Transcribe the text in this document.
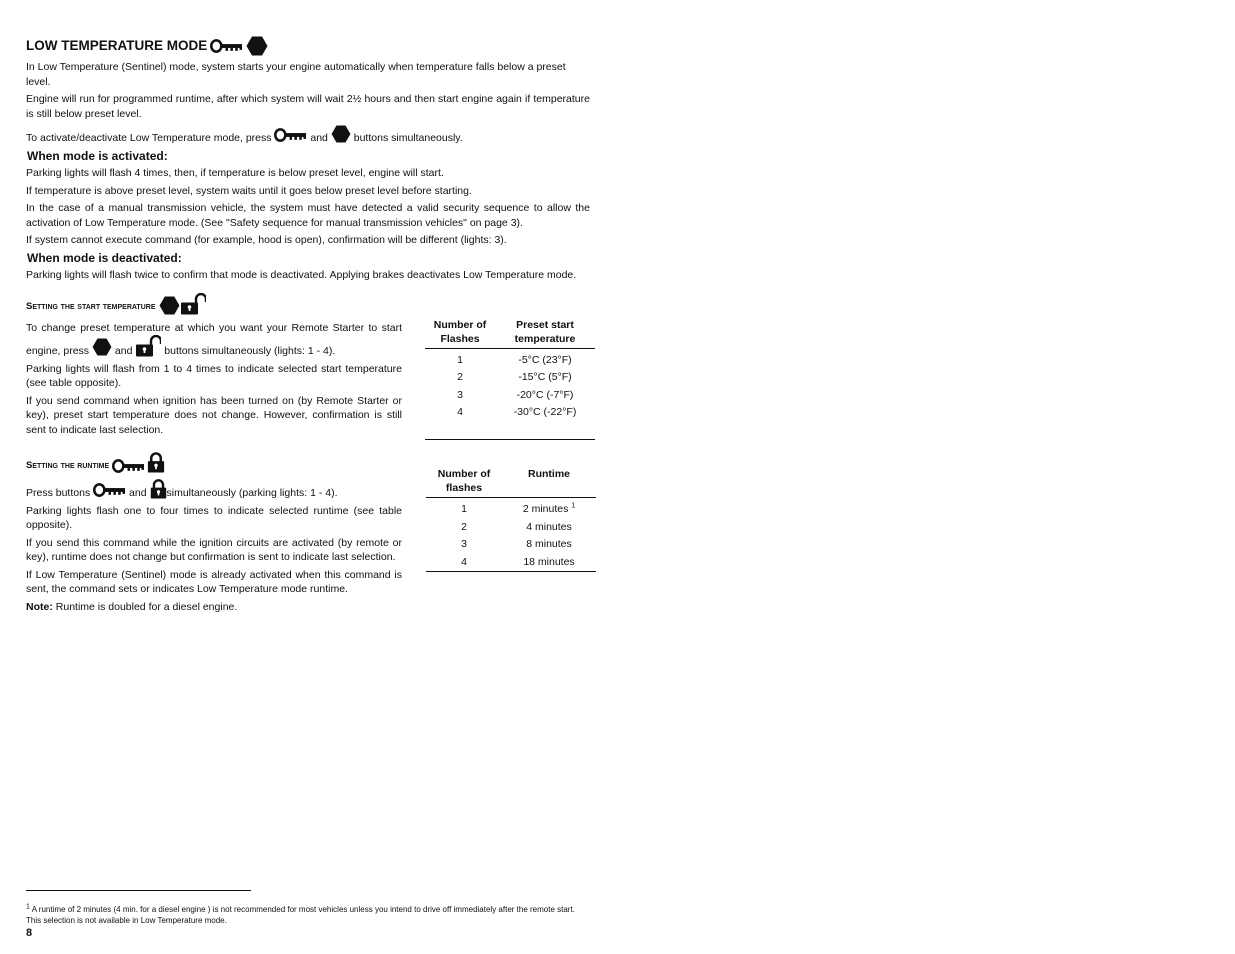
LOW TEMPERATURE MODE

In Low Temperature (Sentinel) mode, system starts your engine automatically when temperature falls below a preset level.

Engine will run for programmed runtime, after which system will wait 2½ hours and then start engine again if temperature is still below preset level.

To activate/deactivate Low Temperature mode, press	and buttons simultaneously.

When mode is activated:

Parking lights will flash 4 times, then, if temperature is below preset level, engine will start.

If temperature is above preset level, system waits until it goes below preset level before starting.

In the case of a manual transmission vehicle, the system must have detected a valid security sequence to allow the activation of Low Temperature mode. (See "Safety sequence for manual transmission vehicles" on page 3).

If system cannot execute command (for example, hood is open), confirmation will be different (lights: 3).

When mode is deactivated:

Parking lights will flash twice to confirm that mode is deactivated. Applying brakes deactivates Low Temperature mode.

Setting the start temperature

To change preset temperature at which you want your Remote Starter to start engine, press and	buttons simultaneously (lights: 1 - 4).

Parking lights will flash from 1 to 4 times to indicate selected start temperature (see table opposite).

If you send command when ignition has been turned on (by Remote Starter or key), preset start temperature does not change. However, confirmation is still sent to indicate last selection.

Number of Flashes	Preset start temperature
1	-5°C (23°F)
2	-15°C (5°F)
3	-20°C (-7°F)
4	-30°C (-22°F)
Setting the runtime

Press buttons	and simultaneously (parking lights: 1 - 4).

Parking lights flash one to four times to indicate selected runtime (see table opposite).

If you send this command while the ignition circuits are activated (by remote or key), runtime does not change but confirmation is sent to indicate last selection.

If Low Temperature (Sentinel) mode is already activated when this command is sent, the command sets or indicates Low Temperature mode runtime.

Note: Runtime is doubled for a diesel engine.

Number of flashes	Runtime
1	2 minutes $^1$
2	4 minutes
3	8 minutes
4	18 minutes
$^1$ A runtime of 2 minutes (4 min. for a diesel engine ) is not recommended for most vehicles unless you intend to drive off immediately after the remote start. This selection is not available in Low Temperature mode.
8
